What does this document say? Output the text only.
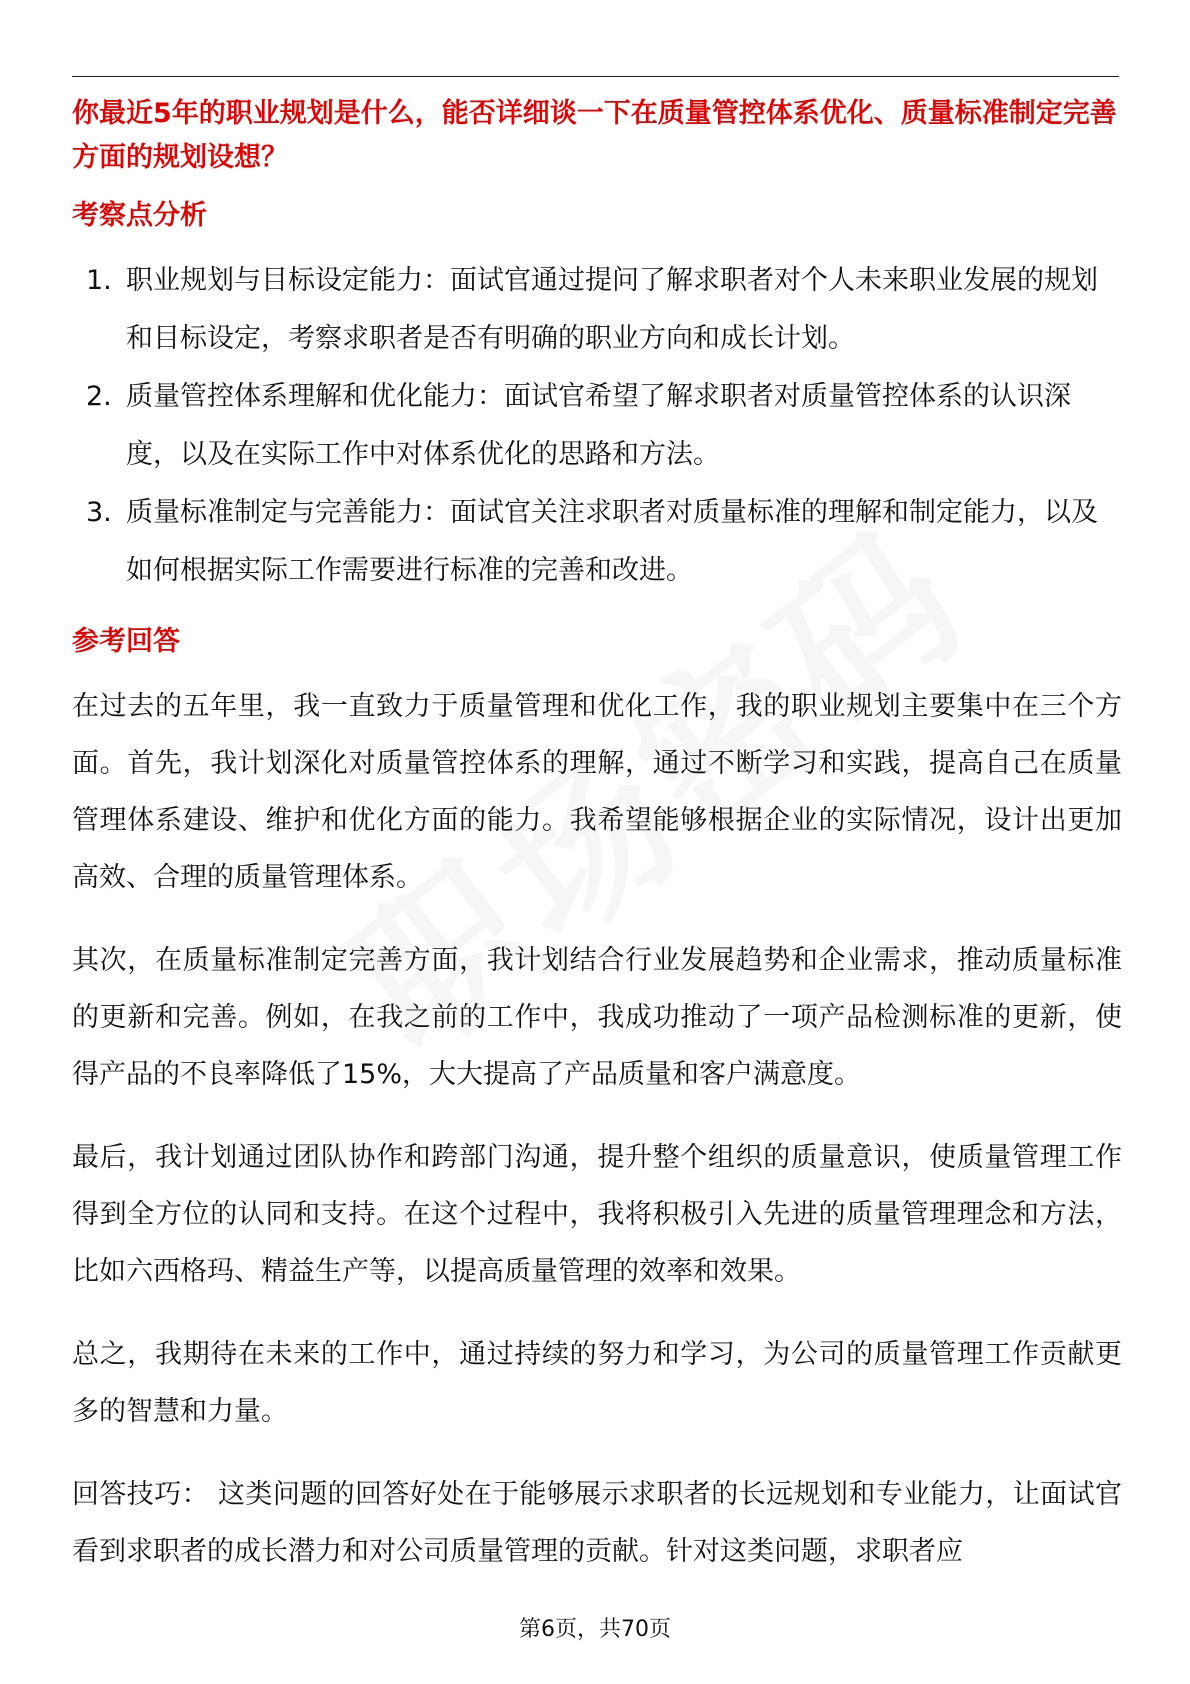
你最近5年的职业规划是什么，能否详细谈一下在质量管控体系优化、质量标准制定完善方面的规划设想？

考察点分析

1. 职业规划与目标设定能力：面试官通过提问了解求职者对个人未来职业发展的规划和目标设定，考察求职者是否有明确的职业方向和成长计划。
2. 质量管控体系理解和优化能力：面试官希望了解求职者对质量管控体系的认识深度，以及在实际工作中对体系优化的思路和方法。
3. 质量标准制定与完善能力：面试官关注求职者对质量标准的理解和制定能力，以及如何根据实际工作需要进行标准的完善和改进。

参考回答

在过去的五年里，我一直致力于质量管理和优化工作，我的职业规划主要集中在三个方面。首先，我计划深化对质量管控体系的理解，通过不断学习和实践，提高自己在质量管理体系建设、维护和优化方面的能力。我希望能够根据企业的实际情况，设计出更加高效、合理的质量管理体系。

其次，在质量标准制定完善方面，我计划结合行业发展趋势和企业需求，推动质量标准的更新和完善。例如，在我之前的工作中，我成功推动了一项产品检测标准的更新，使得产品的不良率降低了15%，大大提高了产品质量和客户满意度。

最后，我计划通过团队协作和跨部门沟通，提升整个组织的质量意识，使质量管理工作得到全方位的认同和支持。在这个过程中，我将积极引入先进的质量管理理念和方法，比如六西格玛、精益生产等，以提高质量管理的效率和效果。

总之，我期待在未来的工作中，通过持续的努力和学习，为公司的质量管理工作贡献更多的智慧和力量。

回答技巧： 这类问题的回答好处在于能够展示求职者的长远规划和专业能力，让面试官看到求职者的成长潜力和对公司质量管理的贡献。针对这类问题，求职者应

第6页，共70页
